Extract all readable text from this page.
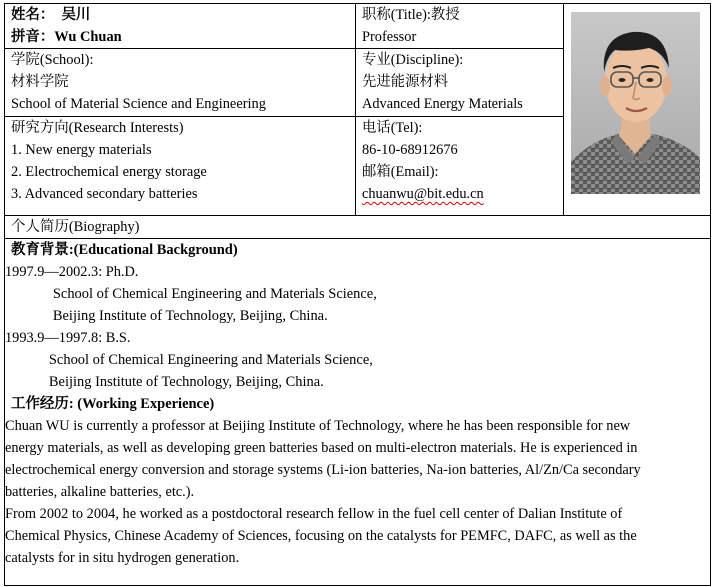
姓名： 吴川
拼音：Wu Chuan
职称(Title):教授
Professor
学院(School):
材料学院
School of Material Science and Engineering
专业(Discipline):
先进能源材料
Advanced Energy Materials
研究方向(Research Interests)
1. New energy materials
2. Electrochemical energy storage
3. Advanced secondary batteries
电话(Tel):
86-10-68912676
邮箱(Email):
chuanwu@bit.edu.cn
个人简历(Biography)
教育背景:(Educational Background)
1997.9—2002.3: Ph.D.
School of Chemical Engineering and Materials Science,
Beijing Institute of Technology, Beijing, China.
1993.9—1997.8: B.S.
School of Chemical Engineering and Materials Science,
Beijing Institute of Technology, Beijing, China.
工作经历: (Working Experience)
Chuan WU is currently a professor at Beijing Institute of Technology, where he has been responsible for new
energy materials, as well as developing green batteries based on multi-electron materials. He is experienced in
electrochemical energy conversion and storage systems (Li-ion batteries, Na-ion batteries, Al/Zn/Ca secondary
batteries, alkaline batteries, etc.).
From 2002 to 2004, he worked as a postdoctoral research fellow in the fuel cell center of Dalian Institute of
Chemical Physics, Chinese Academy of Sciences, focusing on the catalysts for PEMFC, DAFC, as well as the
catalysts for in situ hydrogen generation.
